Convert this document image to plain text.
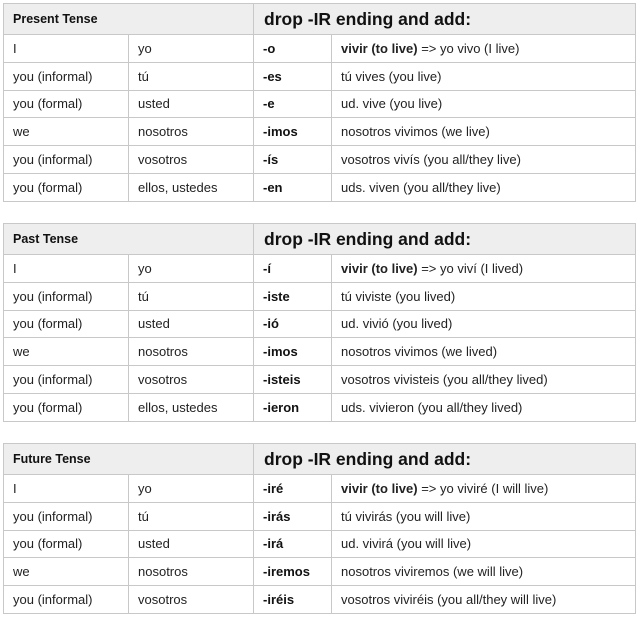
Present Tense		drop -IR ending and add:	
I	yo	-o	vivir (to live) => yo vivo (I live)
you (informal)	tú	-es	tú vives (you live)
you (formal)	usted	-e	ud. vive (you live)
we	nosotros	-imos	nosotros vivimos (we live)
you (informal)	vosotros	-ís	vosotros vivís (you all/they live)
you (formal)	ellos, ustedes	-en	uds. viven (you all/they live)
Past Tense		drop -IR ending and add:	
I	yo	-í	vivir (to live) => yo viví (I lived)
you (informal)	tú	-iste	tú viviste (you lived)
you (formal)	usted	-ió	ud. vivió (you lived)
we	nosotros	-imos	nosotros vivimos (we lived)
you (informal)	vosotros	-isteis	vosotros vivisteis (you all/they lived)
you (formal)	ellos, ustedes	-ieron	uds. vivieron (you all/they lived)
Future Tense		drop -IR ending and add:	
I	yo	-iré	vivir (to live) => yo viviré (I will live)
you (informal)	tú	-irás	tú vivirás (you will live)
you (formal)	usted	-irá	ud. vivirá (you will live)
we	nosotros	-iremos	nosotros viviremos (we will live)
you (informal)	vosotros	-iréis	vosotros viviréis (you all/they will live)
